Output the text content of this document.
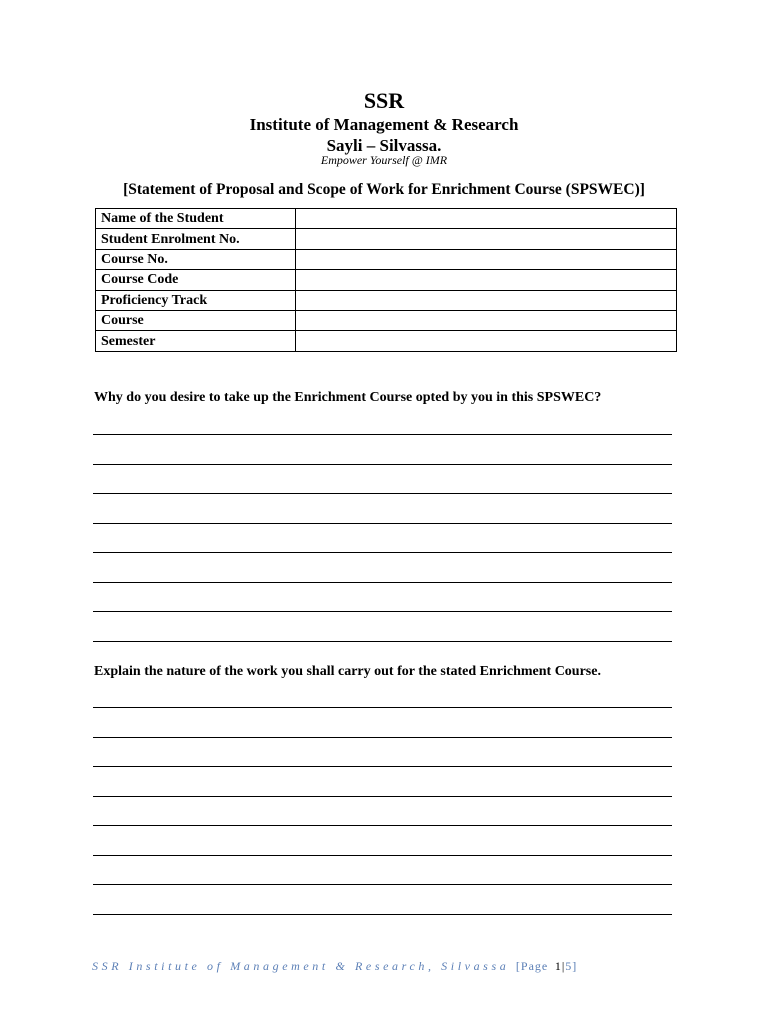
SSR
Institute of Management & Research
Sayli – Silvassa.
Empower Yourself @ IMR
[Statement of Proposal and Scope of Work for Enrichment Course (SPSWEC)]
Name of the Student	
Student Enrolment No.	
Course No.	
Course Code	
Proficiency Track	
Course	
Semester	
Why do you desire to take up the Enrichment Course opted by you in this SPSWEC?
Explain the nature of the work you shall carry out for the stated Enrichment Course.
SSR Institute of Management & Research, Silvassa [Page 1|5]
